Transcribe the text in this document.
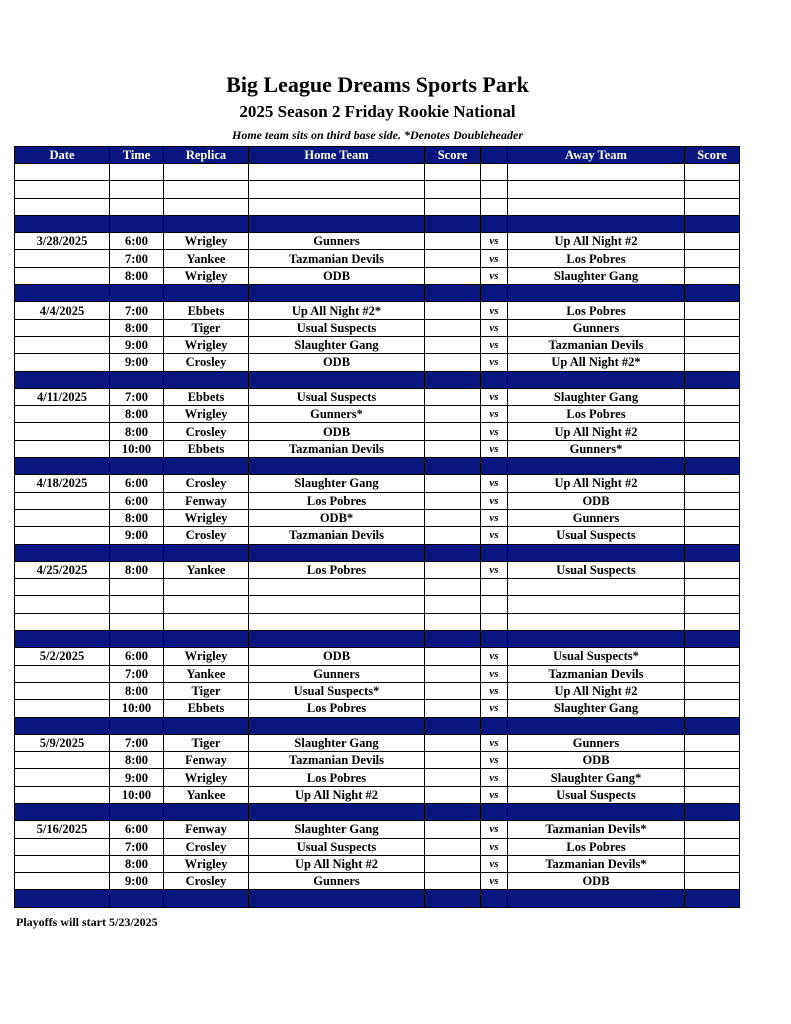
Big League Dreams Sports Park
2025 Season 2 Friday Rookie National
Home team sits on third base side. *Denotes Doubleheader
Date	Time	Replica	Home Team	Score		Away Team	Score

3/28/2025	6:00	Wrigley	Gunners		vs	Up All Night #2	
	7:00	Yankee	Tazmanian Devils		vs	Los Pobres	
	8:00	Wrigley	ODB		vs	Slaughter Gang	

4/4/2025	7:00	Ebbets	Up All Night #2*		vs	Los Pobres	
	8:00	Tiger	Usual Suspects		vs	Gunners	
	9:00	Wrigley	Slaughter Gang		vs	Tazmanian Devils	
	9:00	Crosley	ODB		vs	Up All Night #2*	

4/11/2025	7:00	Ebbets	Usual Suspects		vs	Slaughter Gang	
	8:00	Wrigley	Gunners*		vs	Los Pobres	
	8:00	Crosley	ODB		vs	Up All Night #2	
	10:00	Ebbets	Tazmanian Devils		vs	Gunners*	

4/18/2025	6:00	Crosley	Slaughter Gang		vs	Up All Night #2	
	6:00	Fenway	Los Pobres		vs	ODB	
	8:00	Wrigley	ODB*		vs	Gunners	
	9:00	Crosley	Tazmanian Devils		vs	Usual Suspects	

4/25/2025	8:00	Yankee	Los Pobres		vs	Usual Suspects	

5/2/2025	6:00	Wrigley	ODB		vs	Usual Suspects*	
	7:00	Yankee	Gunners		vs	Tazmanian Devils	
	8:00	Tiger	Usual Suspects*		vs	Up All Night #2	
	10:00	Ebbets	Los Pobres		vs	Slaughter Gang	

5/9/2025	7:00	Tiger	Slaughter Gang		vs	Gunners	
	8:00	Fenway	Tazmanian Devils		vs	ODB	
	9:00	Wrigley	Los Pobres		vs	Slaughter Gang*	
	10:00	Yankee	Up All Night #2		vs	Usual Suspects	

5/16/2025	6:00	Fenway	Slaughter Gang		vs	Tazmanian Devils*	
	7:00	Crosley	Usual Suspects		vs	Los Pobres	
	8:00	Wrigley	Up All Night #2		vs	Tazmanian Devils*	
	9:00	Crosley	Gunners		vs	ODB	

Playoffs will start 5/23/2025
